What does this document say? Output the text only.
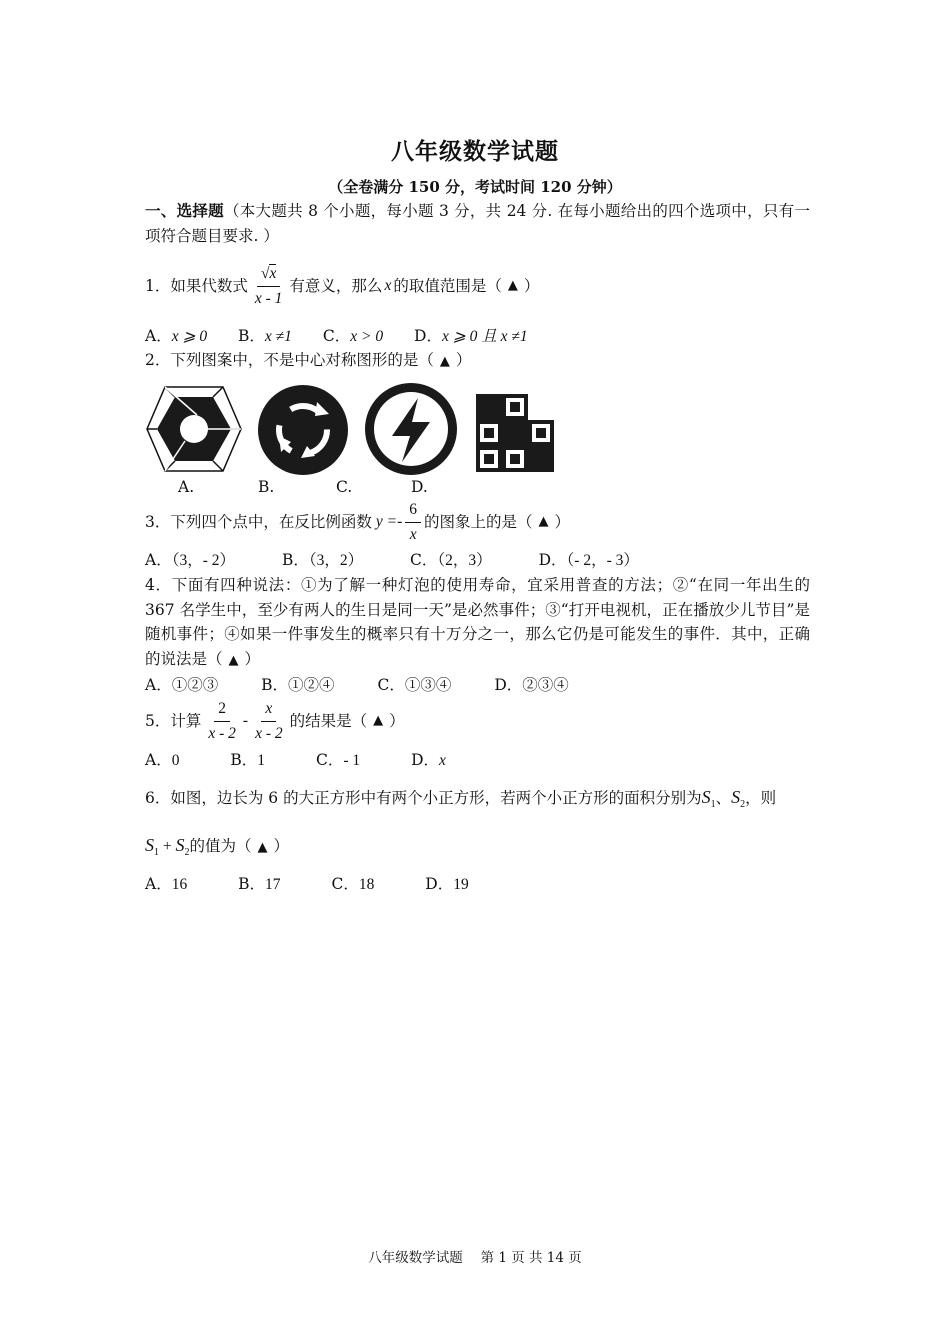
八年级数学试题
（全卷满分 150 分，考试时间 120 分钟）
一、选择题（本大题共 8 个小题，每小题 3 分，共 24 分. 在每小题给出的四个选项中，只有一项符合题目要求. ）
1．如果代数式 $\frac{√x}{x - 1}$ 有意义，那么 x 的取值范围是（ ▲ ）
A．x ⩾ 0 B．x ≠1 C．x > 0 D．x ⩾ 0 且 x ≠1
2．下列图案中，不是中心对称图形的是（ ▲ ）
A.	B.	C.	D.
3．下列四个点中，在反比例函数 $y =- \frac{6}{x}$ 的图象上的是（ ▲ ）
A．（3，- 2）	B．（3，2）	C．（2，3）	D．（- 2，- 3）
4．下面有四种说法：①为了解一种灯泡的使用寿命，宜采用普查的方法；②“在同一年出生的 367 名学生中，至少有两人的生日是同一天”是必然事件；③“打开电视机，正在播放少儿节目”是随机事件；④如果一件事发生的概率只有十万分之一，那么它仍是可能发生的事件．其中，正确的说法是（ ▲ ）
A．①②③	B．①②④	C．①③④	D．②③④
5．计算 $\frac{2}{x - 2} - \frac{x}{x - 2}$ 的结果是（ ▲ ）
A．0	B．1	C．- 1	D．x
6．如图，边长为 6 的大正方形中有两个小正方形，若两个小正方形的面积分别为$S_1$、$S_2$，则
$S_1 + S_2$的值为（ ▲ ）
A．16	B．17	C．18	D．19
八年级数学试题　 第 1 页 共 14 页
